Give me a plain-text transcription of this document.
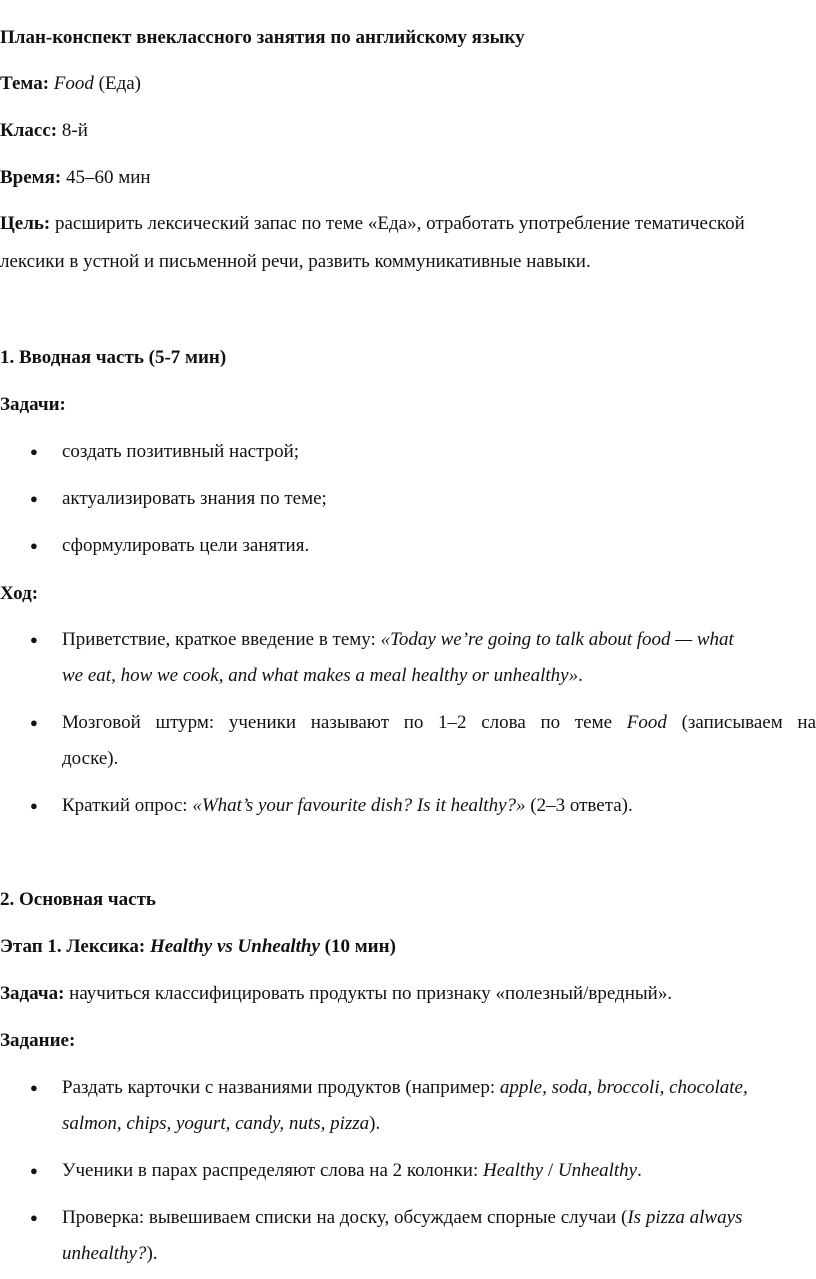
План-конспект внеклассного занятия по английскому языку
Тема: Food (Еда)
Класс: 8-й
Время: 45–60 мин
Цель: расширить лексический запас по теме «Еда», отработать употребление тематической
лексики в устной и письменной речи, развить коммуникативные навыки.
1. Вводная часть (5-7 мин)
Задачи:
● создать позитивный настрой;
● актуализировать знания по теме;
● сформулировать цели занятия.
Ход:
● Приветствие, краткое введение в тему: «Today we’re going to talk about food — what
we eat, how we cook, and what makes a meal healthy or unhealthy».
● Мозговой штурм: ученики называют по 1–2 слова по теме Food (записываем на
доске).
● Краткий опрос: «What’s your favourite dish? Is it healthy?» (2–3 ответа).
2. Основная часть
Этап 1. Лексика: Healthy vs Unhealthy (10 мин)
Задача: научиться классифицировать продукты по признаку «полезный/вредный».
Задание:
● Раздать карточки с названиями продуктов (например: apple, soda, broccoli, chocolate,
salmon, chips, yogurt, candy, nuts, pizza).
● Ученики в парах распределяют слова на 2 колонки: Healthy / Unhealthy.
● Проверка: вывешиваем списки на доску, обсуждаем спорные случаи (Is pizza always
unhealthy?).
